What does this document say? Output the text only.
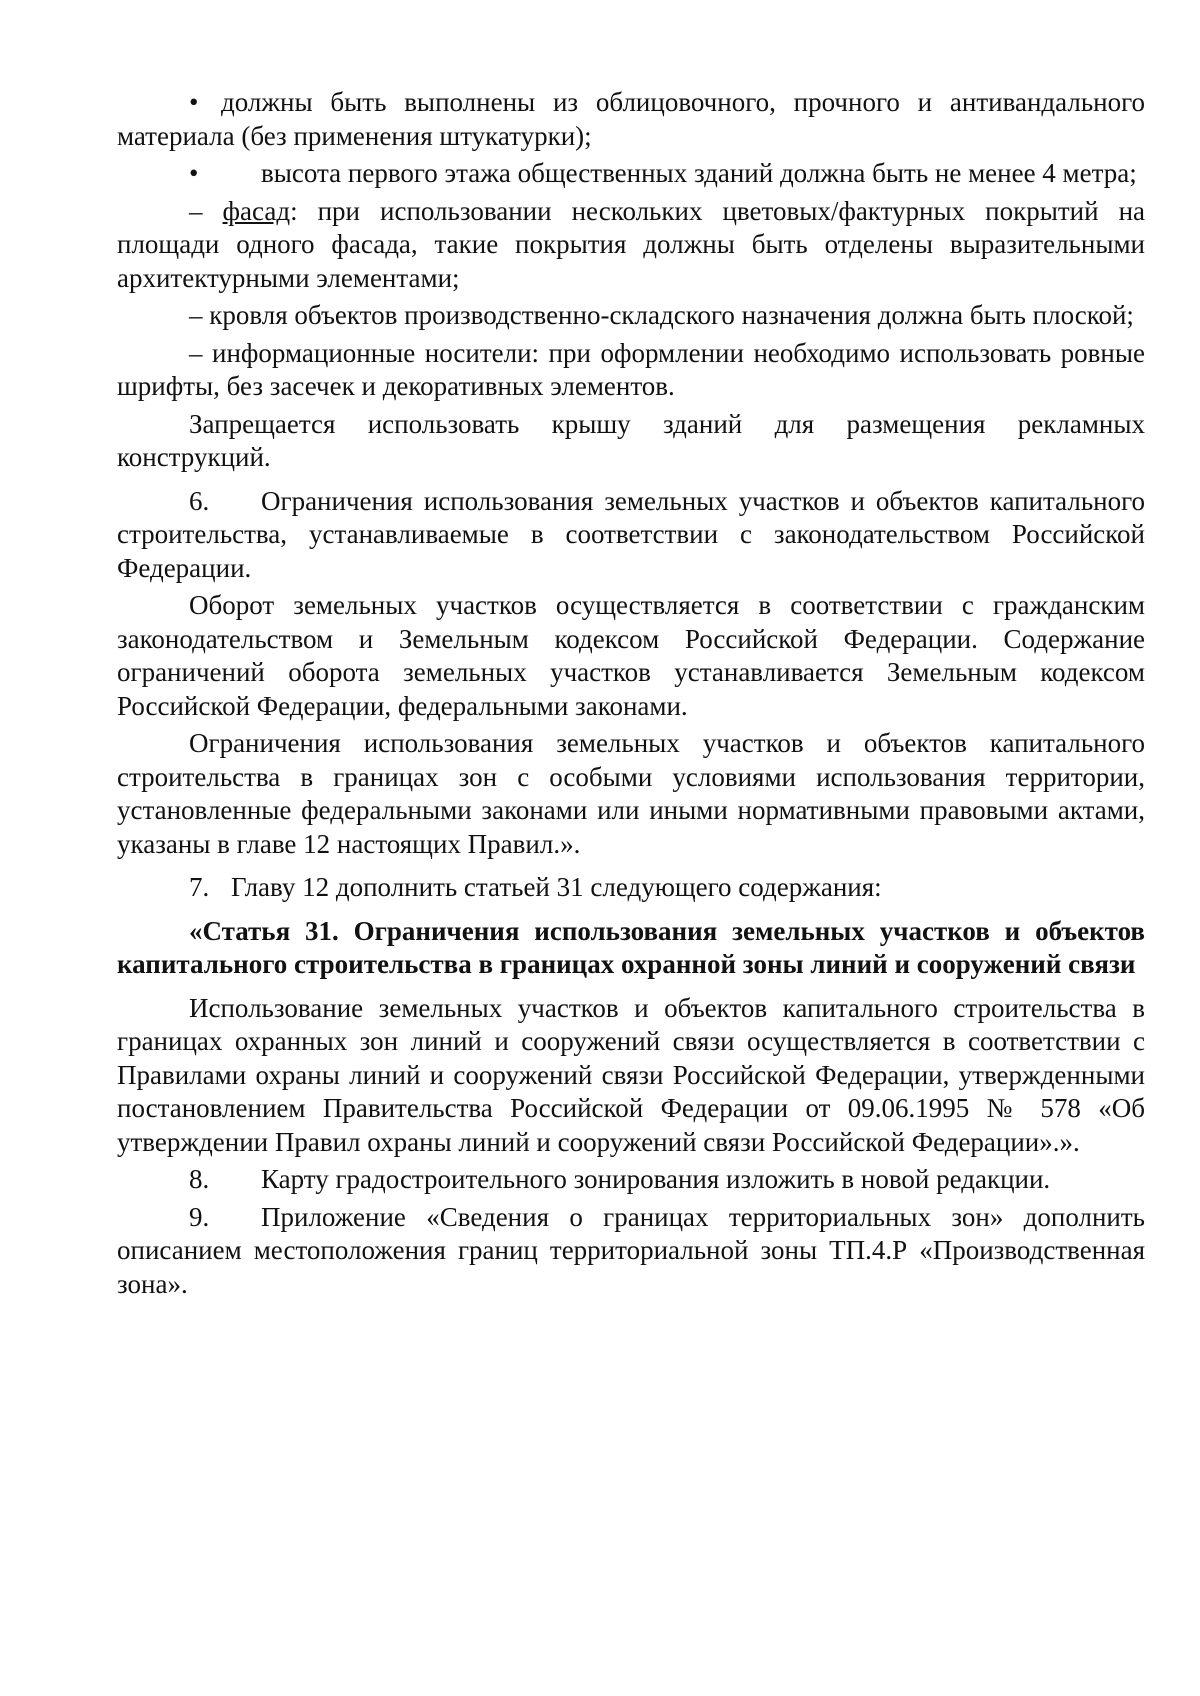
• должны быть выполнены из облицовочного, прочного и антивандального материала (без применения штукатурки);

• высота первого этажа общественных зданий должна быть не менее 4 метра;

– фасад: при использовании нескольких цветовых/фактурных покрытий на площади одного фасада, такие покрытия должны быть отделены выразительными архитектурными элементами;

– кровля объектов производственно-складского назначения должна быть плоской;

– информационные носители: при оформлении необходимо использовать ровные шрифты, без засечек и декоративных элементов.

Запрещается использовать крышу зданий для размещения рекламных конструкций.

6. Ограничения использования земельных участков и объектов капитального строительства, устанавливаемые в соответствии с законодательством Российской Федерации.

Оборот земельных участков осуществляется в соответствии с гражданским законодательством и Земельным кодексом Российской Федерации. Содержание ограничений оборота земельных участков устанавливается Земельным кодексом Российской Федерации, федеральными законами.

Ограничения использования земельных участков и объектов капитального строительства в границах зон с особыми условиями использования территории, установленные федеральными законами или иными нормативными правовыми актами, указаны в главе 12 настоящих Правил.».

7. Главу 12 дополнить статьей 31 следующего содержания:

«Статья 31. Ограничения использования земельных участков и объектов капитального строительства в границах охранной зоны линий и сооружений связи

Использование земельных участков и объектов капитального строительства в границах охранных зон линий и сооружений связи осуществляется в соответствии с Правилами охраны линий и сооружений связи Российской Федерации, утвержденными постановлением Правительства Российской Федерации от 09.06.1995 № 578 «Об утверждении Правил охраны линий и сооружений связи Российской Федерации».».

8. Карту градостроительного зонирования изложить в новой редакции.

9. Приложение «Сведения о границах территориальных зон» дополнить описанием местоположения границ территориальной зоны ТП.4.Р «Производственная зона».
